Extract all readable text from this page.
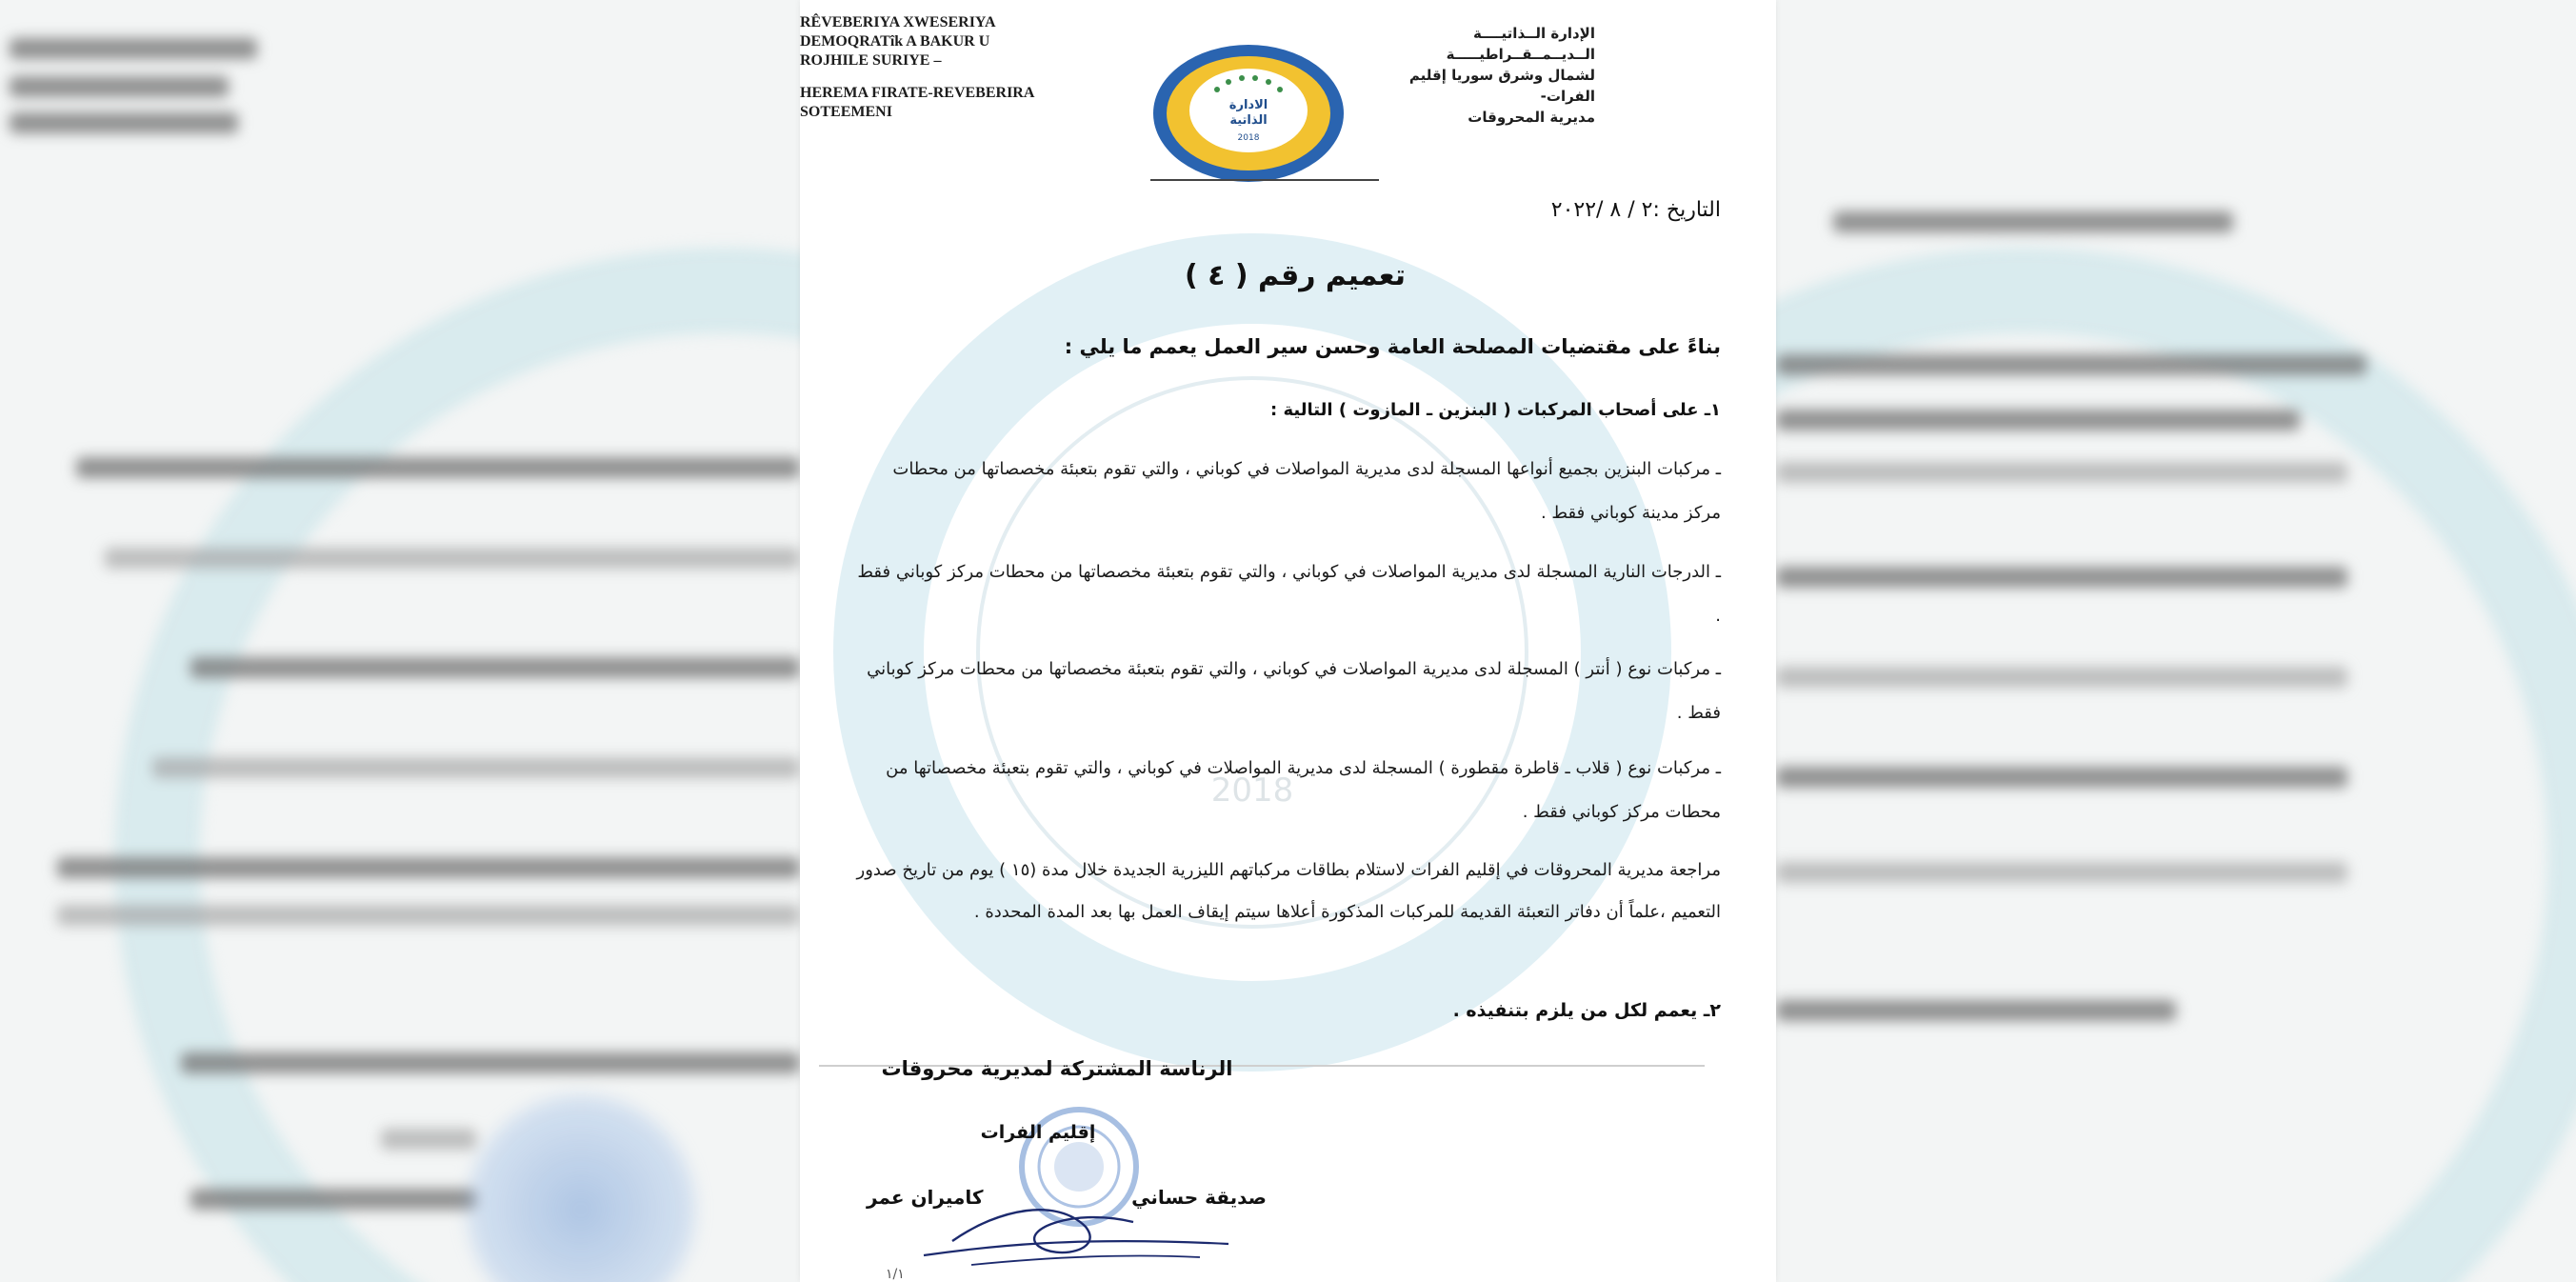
2018
RÊVEBERIYA XWESERIYA
DEMOQRATîk A BAKUR U
ROJHILE SURIYE –
HEREMA FIRATE-REVEBERIRA
SOTEEMENI	الادارة
الذاتية
2018
الإدارة الــذاتيــــة
الــديــمــقــراطيـــــة
لشمال وشرق سوريا إقليم الفرات-
مديرية المحروقات
التاريخ :٢ / ٨ /٢٠٢٢
تعميم رقم ( ٤ )
بناءً على مقتضيات المصلحة العامة وحسن سير العمل يعمم ما يلي :
١ـ على أصحاب المركبات ( البنزين ـ المازوت ) التالية :
ـ مركبات البنزين بجميع أنواعها المسجلة لدى مديرية المواصلات في كوباني ، والتي تقوم بتعبئة مخصصاتها من محطات مركز مدينة كوباني فقط .
ـ الدرجات النارية المسجلة لدى مديرية المواصلات في كوباني ، والتي تقوم بتعبئة مخصصاتها من محطات مركز كوباني فقط .
ـ مركبات نوع ( أنتر ) المسجلة لدى مديرية المواصلات في كوباني ، والتي تقوم بتعبئة مخصصاتها من محطات مركز كوباني فقط .
ـ مركبات نوع ( قلاب ـ قاطرة مقطورة ) المسجلة لدى مديرية المواصلات في كوباني ، والتي تقوم بتعبئة مخصصاتها من محطات مركز كوباني فقط .
مراجعة مديرية المحروقات في إقليم الفرات لاستلام بطاقات مركباتهم الليزرية الجديدة خلال مدة (١٥ ) يوم من تاريخ صدور التعميم ،علماً أن دفاتر التعبئة القديمة للمركبات المذكورة أعلاها سيتم إيقاف العمل بها بعد المدة المحددة .
٢ـ يعمم لكل من يلزم بتنفيذه .
الرناسة المشتركة لمديرية محروقات
إقليم الفرات
صديقة حساني
كاميران عمر
١/١
